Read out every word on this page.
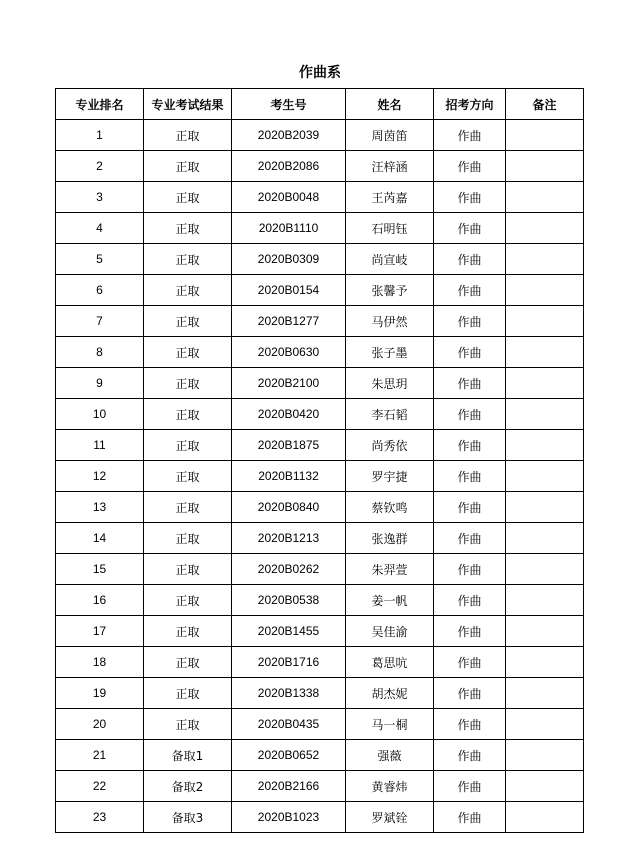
作曲系
专业排名	专业考试结果	考生号	姓名	招考方向	备注
1	正取	2020B2039	周茵笛	作曲	
2	正取	2020B2086	汪梓涵	作曲	
3	正取	2020B0048	王芮嘉	作曲	
4	正取	2020B1110	石明钰	作曲	
5	正取	2020B0309	尚宣岐	作曲	
6	正取	2020B0154	张馨予	作曲	
7	正取	2020B1277	马伊然	作曲	
8	正取	2020B0630	张子墨	作曲	
9	正取	2020B2100	朱思玥	作曲	
10	正取	2020B0420	李石韬	作曲	
11	正取	2020B1875	尚秀依	作曲	
12	正取	2020B1132	罗宇捷	作曲	
13	正取	2020B0840	蔡钦鸣	作曲	
14	正取	2020B1213	张逸群	作曲	
15	正取	2020B0262	朱羿萱	作曲	
16	正取	2020B0538	姜一帆	作曲	
17	正取	2020B1455	吴佳渝	作曲	
18	正取	2020B1716	葛思吭	作曲	
19	正取	2020B1338	胡杰妮	作曲	
20	正取	2020B0435	马一桐	作曲	
21	备取1	2020B0652	强薇	作曲	
22	备取2	2020B2166	黄睿炜	作曲	
23	备取3	2020B1023	罗斌铨	作曲	
